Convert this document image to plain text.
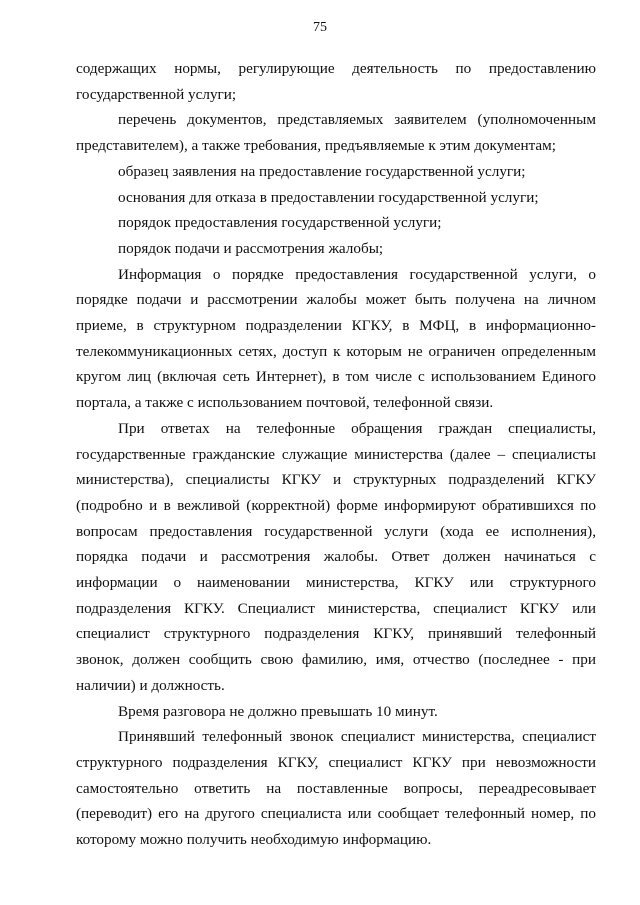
75

содержащих нормы, регулирующие деятельность по предоставлению государственной услуги;

перечень документов, представляемых заявителем (уполномоченным представителем), а также требования, предъявляемые к этим документам;

образец заявления на предоставление государственной услуги;

основания для отказа в предоставлении государственной услуги;

порядок предоставления государственной услуги;

порядок подачи и рассмотрения жалобы;

Информация о порядке предоставления государственной услуги, о порядке подачи и рассмотрении жалобы может быть получена на личном приеме, в структурном подразделении КГКУ, в МФЦ, в информационно-телекоммуникационных сетях, доступ к которым не ограничен определенным кругом лиц (включая сеть Интернет), в том числе с использованием Единого портала, а также с использованием почтовой, телефонной связи.

При ответах на телефонные обращения граждан специалисты, государственные гражданские служащие министерства (далее – специалисты министерства), специалисты КГКУ и структурных подразделений КГКУ (подробно и в вежливой (корректной) форме информируют обратившихся по вопросам предоставления государственной услуги (хода ее исполнения), порядка подачи и рассмотрения жалобы. Ответ должен начинаться с информации о наименовании министерства, КГКУ или структурного подразделения КГКУ. Специалист министерства, специалист КГКУ или специалист структурного подразделения КГКУ, принявший телефонный звонок, должен сообщить свою фамилию, имя, отчество (последнее - при наличии) и должность.

Время разговора не должно превышать 10 минут.

Принявший телефонный звонок специалист министерства, специалист структурного подразделения КГКУ, специалист КГКУ при невозможности самостоятельно ответить на поставленные вопросы, переадресовывает (переводит) его на другого специалиста или сообщает телефонный номер, по которому можно получить необходимую информацию.
